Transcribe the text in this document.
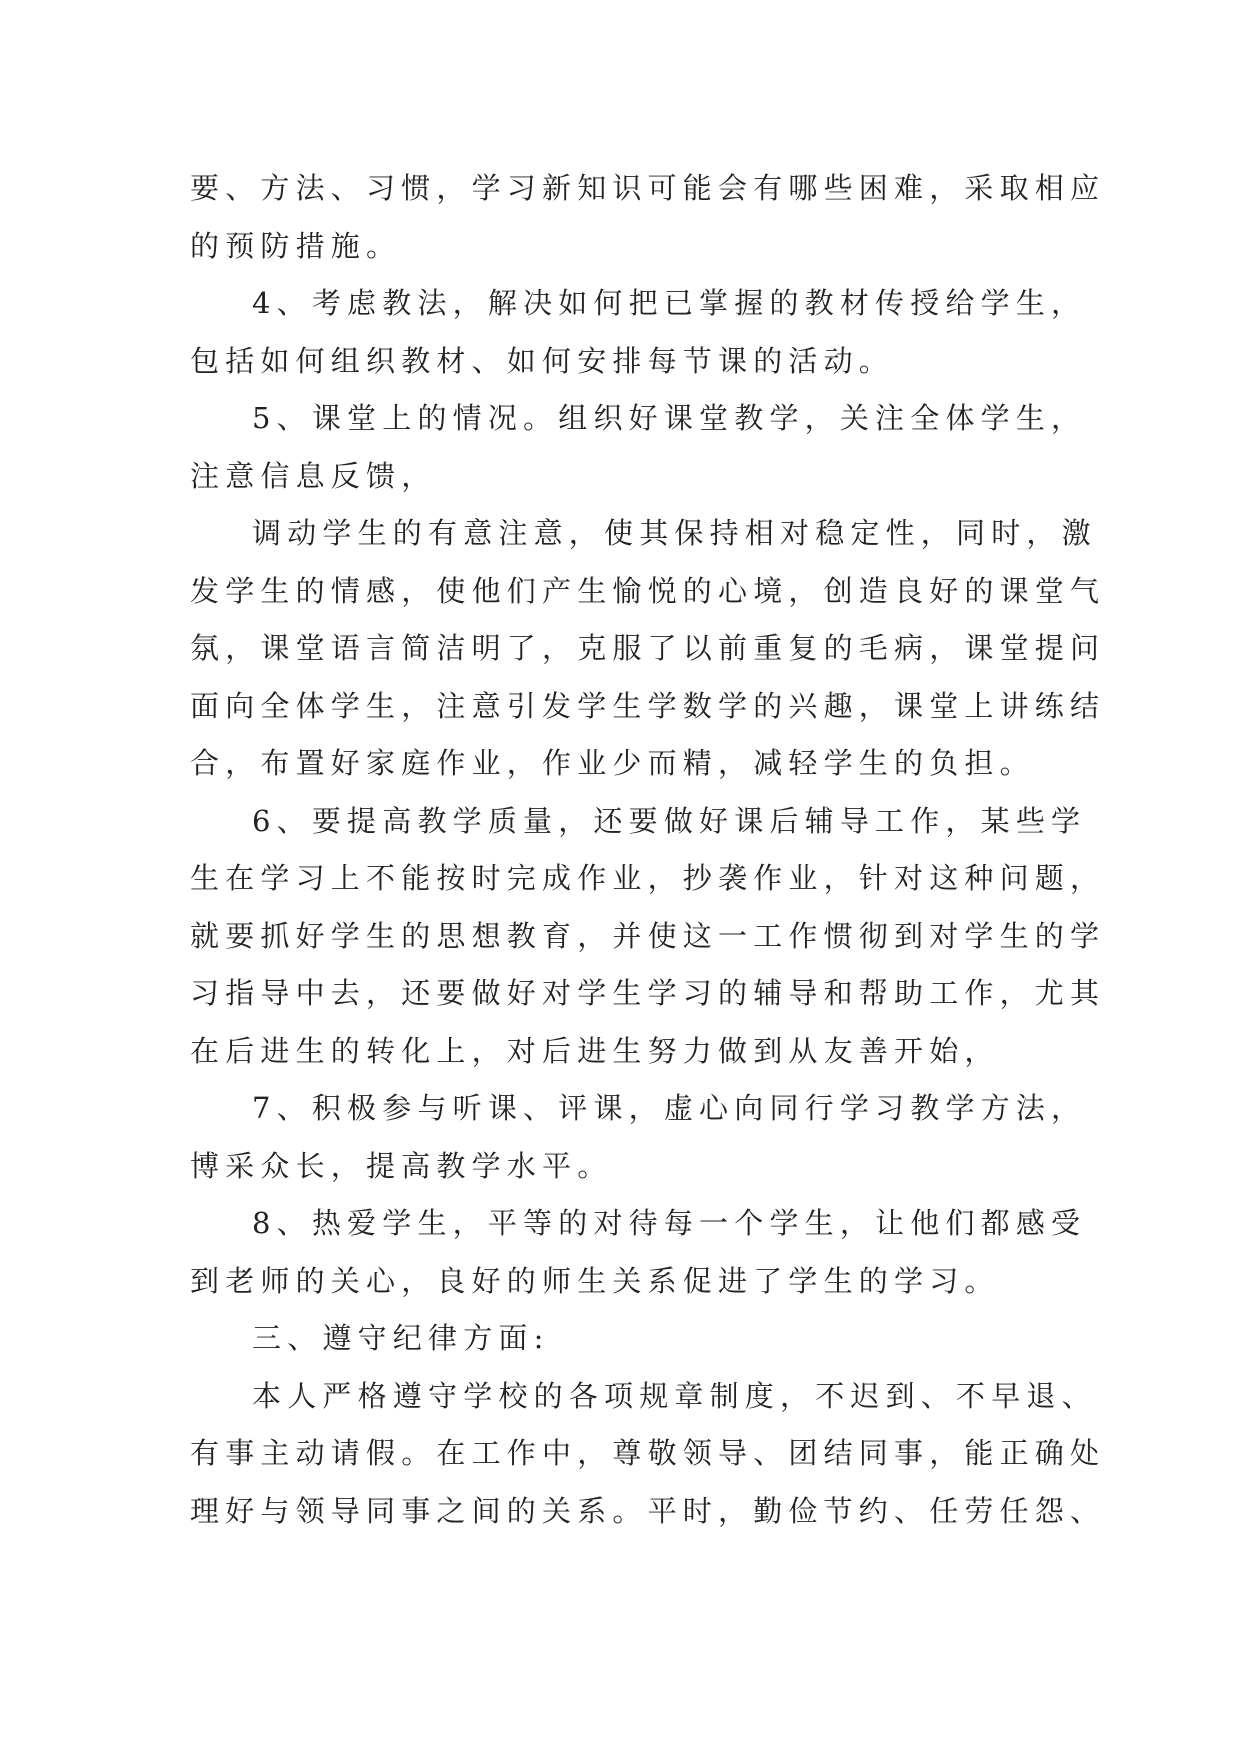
要、方法、习惯，学习新知识可能会有哪些困难，采取相应
的预防措施。
4、考虑教法，解决如何把已掌握的教材传授给学生，
包括如何组织教材、如何安排每节课的活动。
5、课堂上的情况。组织好课堂教学，关注全体学生，
注意信息反馈，
调动学生的有意注意，使其保持相对稳定性，同时，激
发学生的情感，使他们产生愉悦的心境，创造良好的课堂气
氛，课堂语言简洁明了，克服了以前重复的毛病，课堂提问
面向全体学生，注意引发学生学数学的兴趣，课堂上讲练结
合，布置好家庭作业，作业少而精，减轻学生的负担。
6、要提高教学质量，还要做好课后辅导工作，某些学
生在学习上不能按时完成作业，抄袭作业，针对这种问题，
就要抓好学生的思想教育，并使这一工作惯彻到对学生的学
习指导中去，还要做好对学生学习的辅导和帮助工作，尤其
在后进生的转化上，对后进生努力做到从友善开始，
7、积极参与听课、评课，虚心向同行学习教学方法，
博采众长，提高教学水平。
8、热爱学生，平等的对待每一个学生，让他们都感受
到老师的关心，良好的师生关系促进了学生的学习。
三、遵守纪律方面:
本人严格遵守学校的各项规章制度，不迟到、不早退、
有事主动请假。在工作中，尊敬领导、团结同事，能正确处
理好与领导同事之间的关系。平时，勤俭节约、任劳任怨、
